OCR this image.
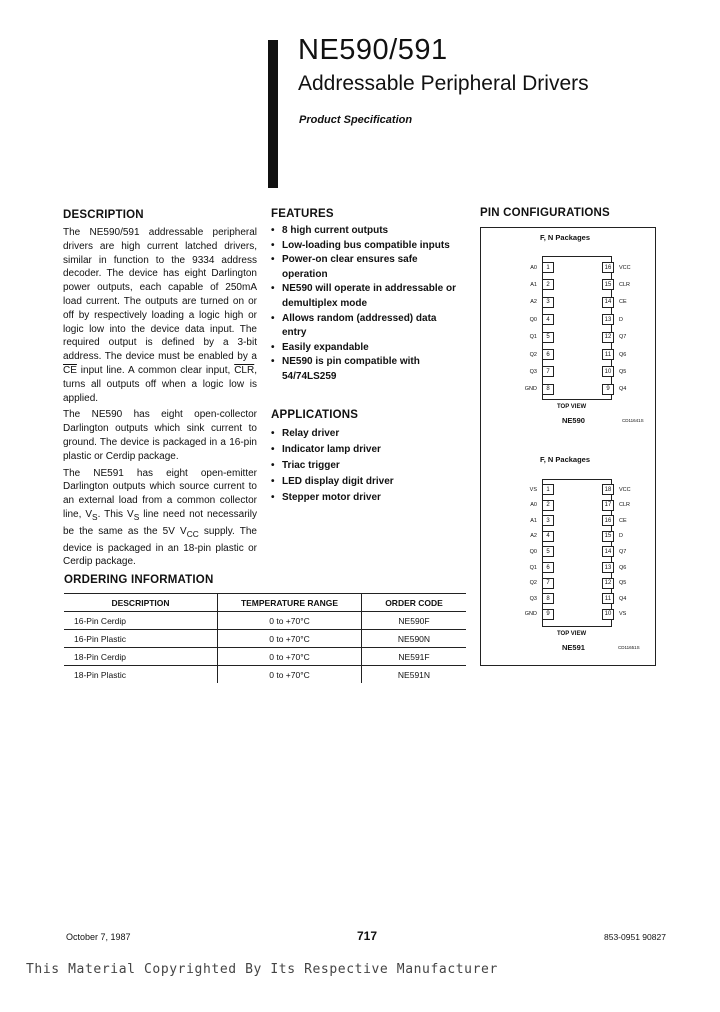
NE590/591
Addressable Peripheral Drivers
Product Specification
DESCRIPTION

The NE590/591 addressable peripheral drivers are high current latched drivers, similar in function to the 9334 address decoder. The device has eight Darlington power outputs, each capable of 250mA load current. The outputs are turned on or off by respectively loading a logic high or logic low into the device data input. The required output is defined by a 3-bit address. The device must be enabled by a $\overline{CE}$ input line. A common clear input, $\overline{CLR}$, turns all outputs off when a logic low is applied.

The NE590 has eight open-collector Darlington outputs which sink current to ground. The device is packaged in a 16-pin plastic or Cerdip package.

The NE591 has eight open-emitter Darlington outputs which source current to an external load from a common collector line, $V_S$. This $V_S$ line need not necessarily be the same as the 5V $V_{CC}$ supply. The device is packaged in an 18-pin plastic or Cerdip package.

FEATURES
• 8 high current outputs
• Low-loading bus compatible inputs
• Power-on clear ensures safe operation
• NE590 will operate in addressable or demultiplex mode
• Allows random (addressed) data entry
• Easily expandable
• NE590 is pin compatible with 54/74LS259
APPLICATIONS
• Relay driver
• Indicator lamp driver
• Triac trigger
• LED display digit driver
• Stepper motor driver
ORDERING INFORMATION
DESCRIPTION	TEMPERATURE RANGE	ORDER CODE
16-Pin Cerdip	0 to +70°C	NE590F
16-Pin Plastic	0 to +70°C	NE590N
18-Pin Cerdip	0 to +70°C	NE591F
18-Pin Plastic	0 to +70°C	NE591N
PIN CONFIGURATIONS
F, N Packages
A0	1
A1	2
A2	3
Q0	4
Q1	5
Q2	6
Q3	7
GND	8
16	VCC
15	CLR
14	CE
13	D
12	Q7
11	Q6
10	Q5
9	Q4
TOP VIEW
NE590	CD11641S
F, N Packages
VS	1
A0	2
A1	3
A2	4
Q0	5
Q1	6
Q2	7
Q3	8
GND	9
18	VCC
17	CLR
16	CE
15	D
14	Q7
13	Q6
12	Q5
11	Q4
10	VS
TOP VIEW
NE591	CD11651S
October 7, 1987	717	853-0951 90827
This Material Copyrighted By Its Respective Manufacturer
